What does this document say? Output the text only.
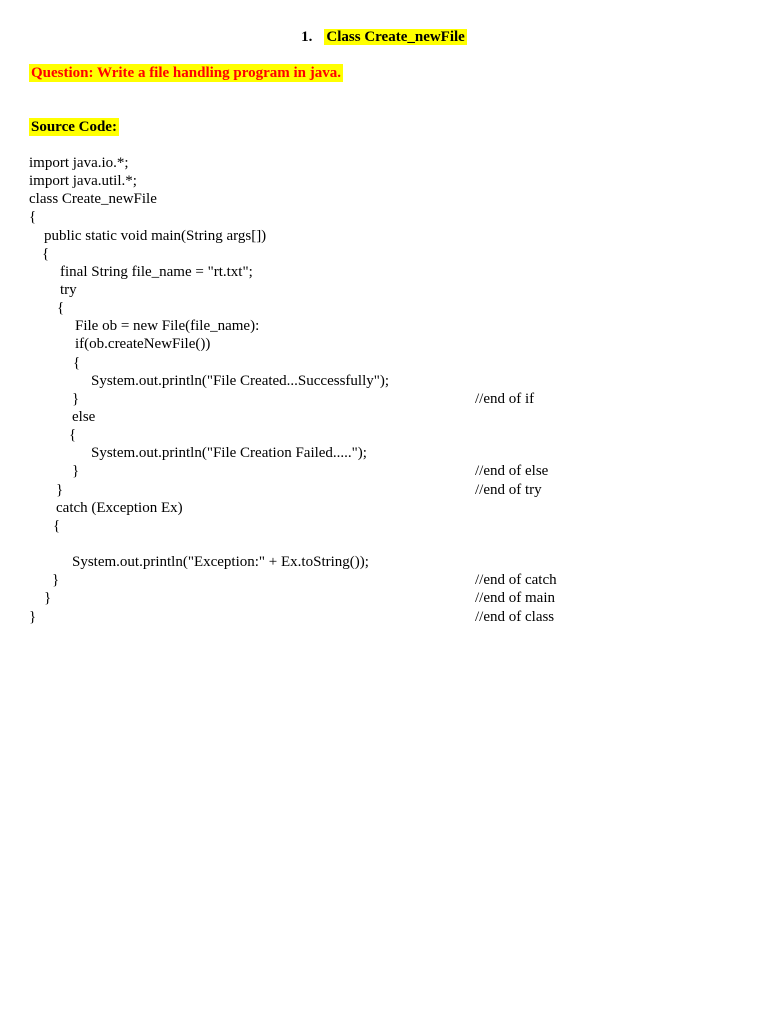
1. Class Create_newFile
Question: Write a file handling program in java.
Source Code:
import java.io.*;
import java.util.*;
class Create_newFile
{
public static void main(String args[])
{
final String file_name = "rt.txt";
try
{
File ob = new File(file_name):
if(ob.createNewFile())
{
System.out.println("File Created...Successfully");
}	//end of if
else
{
System.out.println("File Creation Failed.....");
}	//end of else
}	//end of try
catch (Exception Ex)
{
System.out.println("Exception:" + Ex.toString());
}	//end of catch
}	//end of main
}	//end of class
